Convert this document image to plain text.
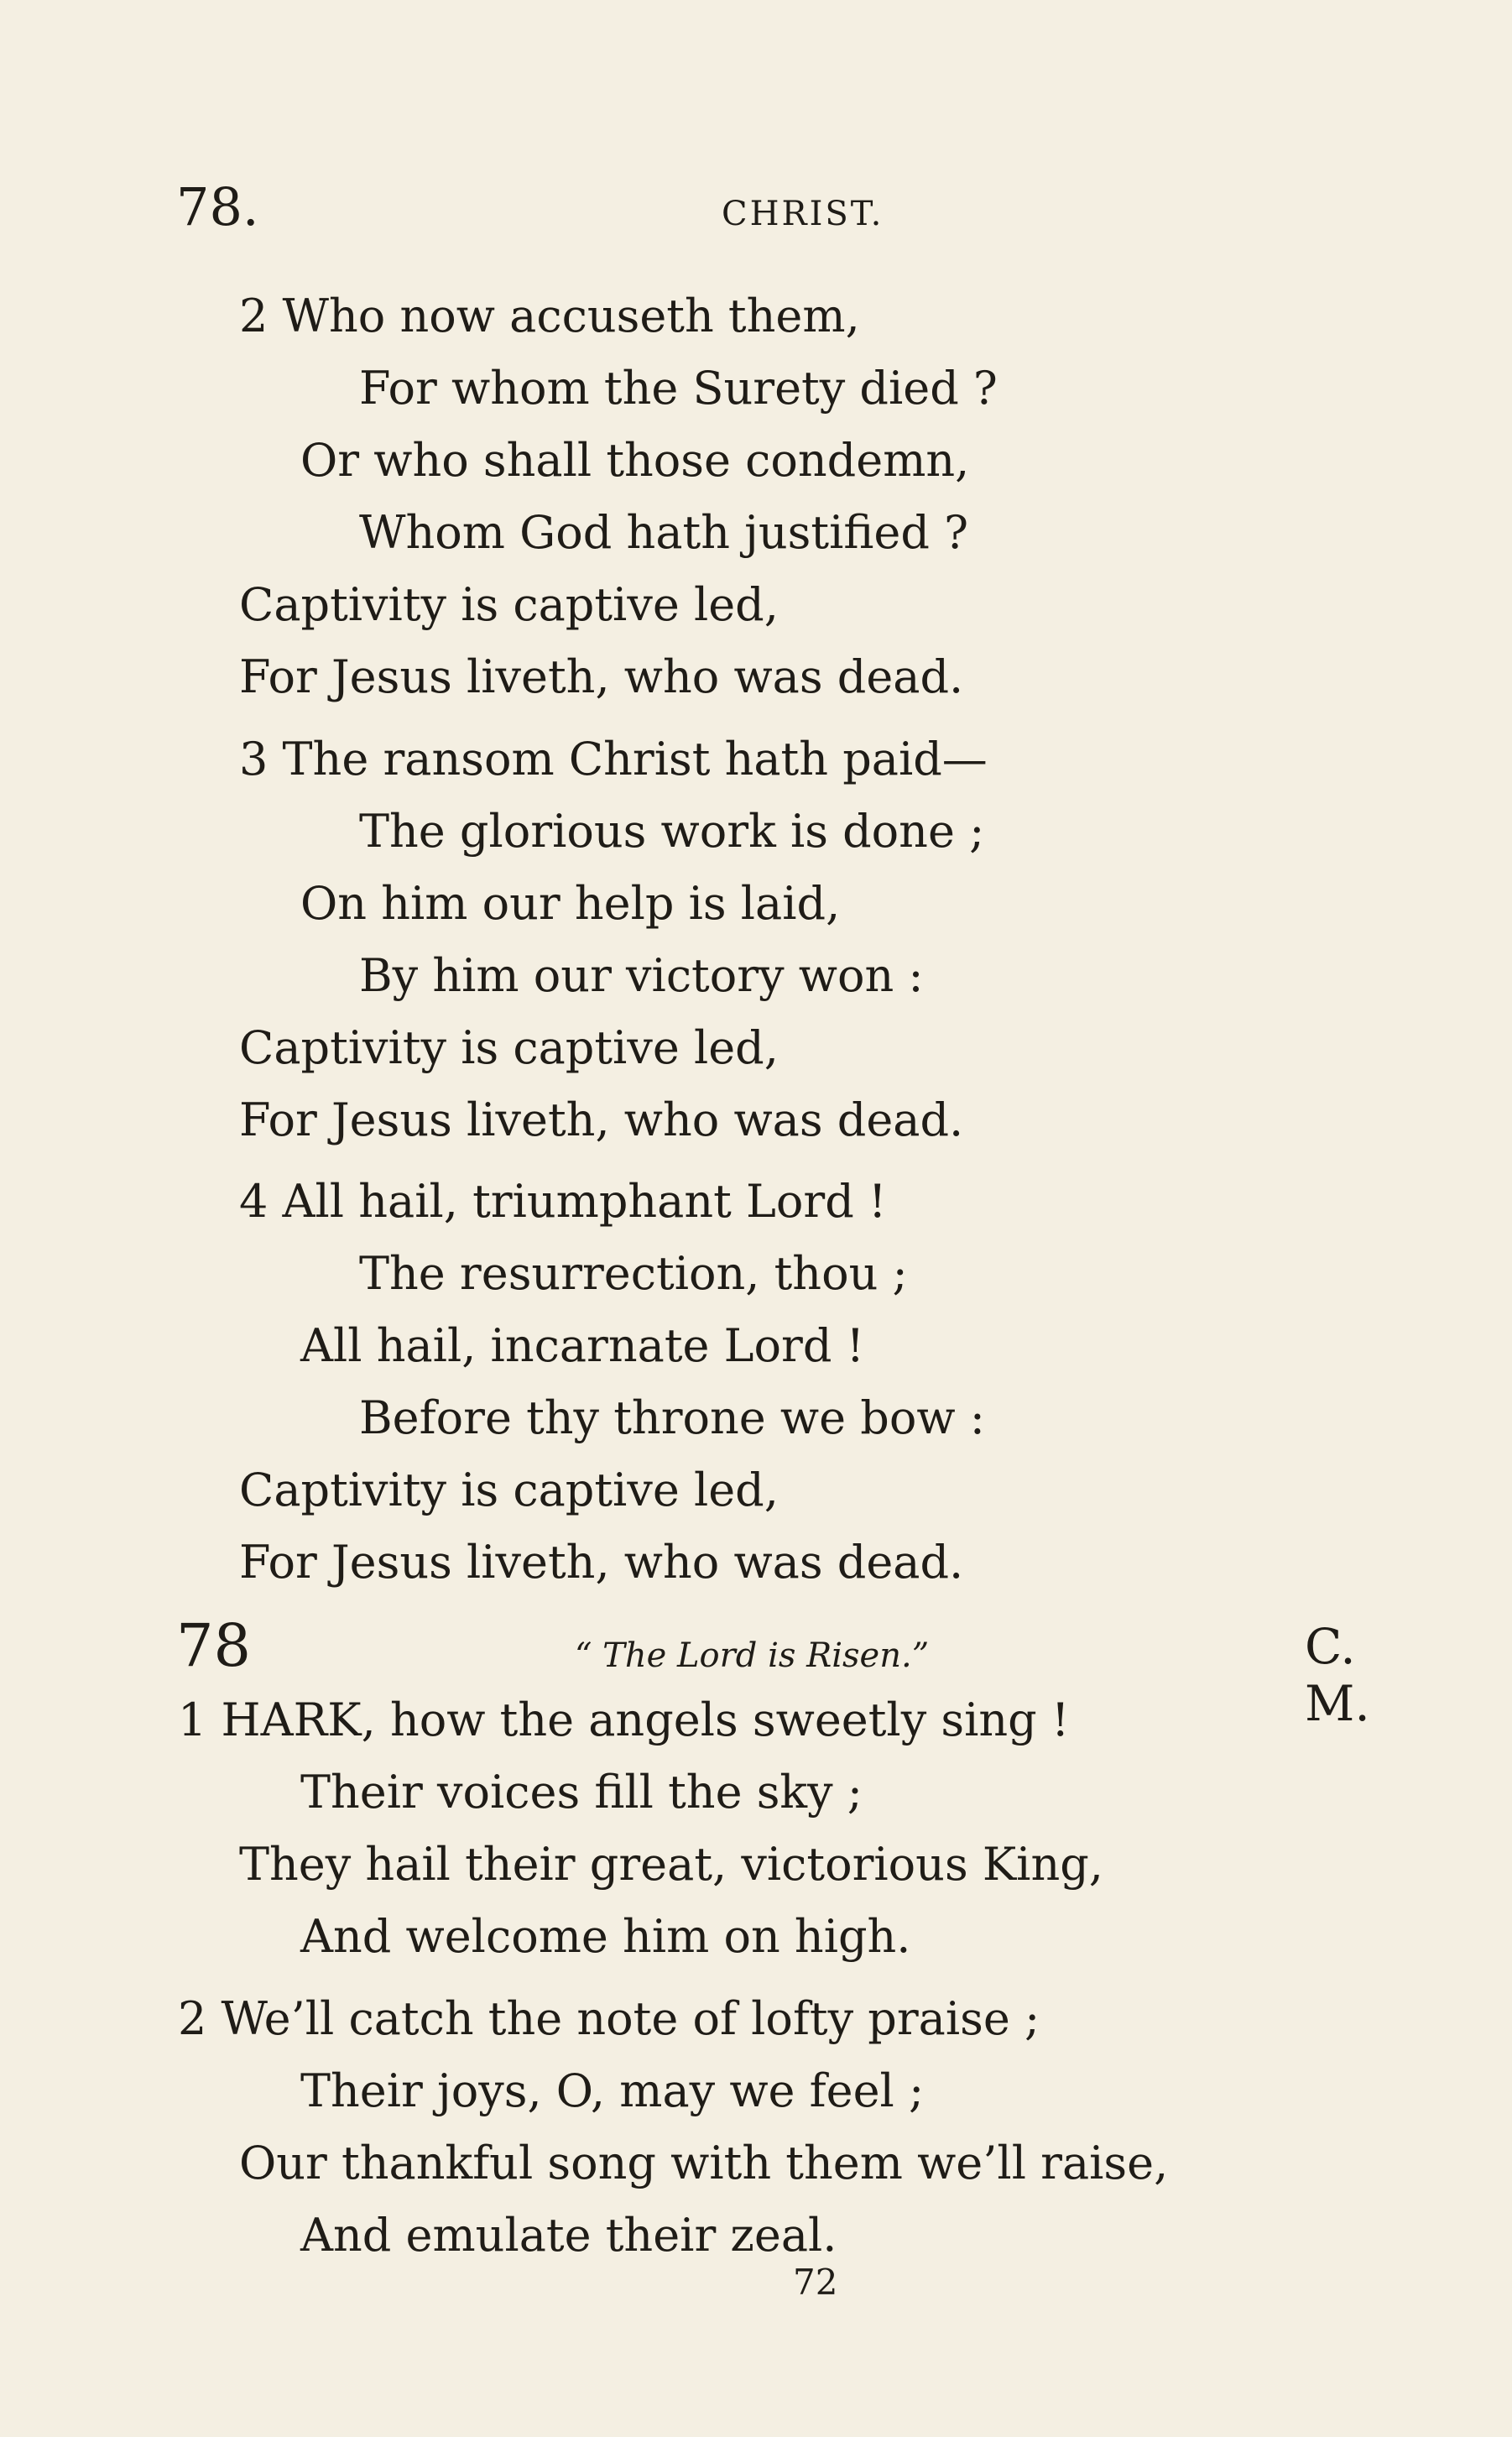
78.	CHRIST.
2 Who now accuseth them,
For whom the Surety died ?
Or who shall those condemn,
Whom God hath justified ?
Captivity is captive led,
For Jesus liveth, who was dead.
3 The ransom Christ hath paid—
The glorious work is done ;
On him our help is laid,
By him our victory won :
Captivity is captive led,
For Jesus liveth, who was dead.
4 All hail, triumphant Lord !
The resurrection, thou ;
All hail, incarnate Lord !
Before thy throne we bow :
Captivity is captive led,
For Jesus liveth, who was dead.
78	“ The Lord is Risen.”	C. M.
1 HARK, how the angels sweetly sing !
Their voices fill the sky ;
They hail their great, victorious King,
And welcome him on high.
2 We’ll catch the note of lofty praise ;
Their joys, O, may we feel ;
Our thankful song with them we’ll raise,
And emulate their zeal.
72
